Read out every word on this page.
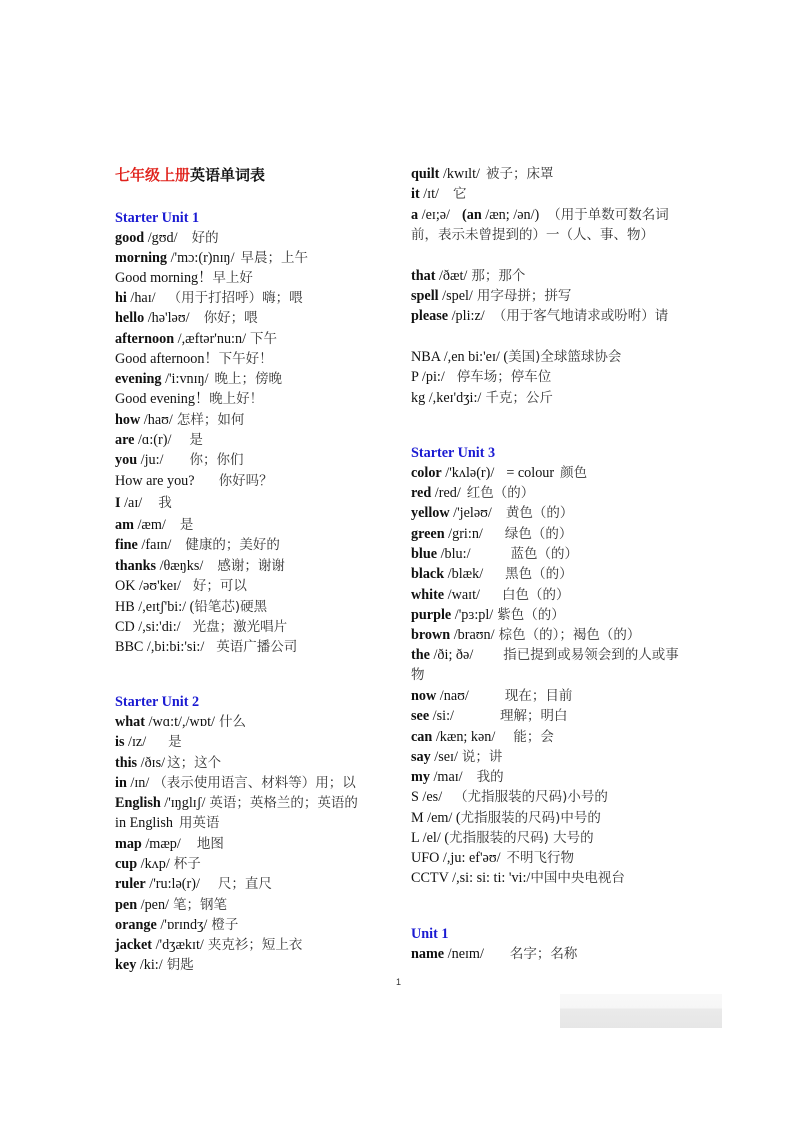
七年级上册英语单词表
Starter Unit 1
good /gʊd/ 好的
morning /'mɔ:(r)nɪŋ/ 早晨；上午
Good morning！早上好
hi /haɪ/ （用于打招呼）嗨；喂
hello /hə'ləʊ/ 你好；喂
afternoon /,æftər'nu:n/ 下午
Good afternoon！下午好！
evening /'i:vnɪŋ/ 晚上；傍晚
Good evening！晚上好！
how /haʊ/ 怎样；如何
are /ɑ:(r)/ 是
you /ju:/ 你；你们
How are you? 你好吗？
I /aɪ/ 我
am /æm/ 是
fine /faɪn/ 健康的；美好的
thanks /θæŋks/ 感谢；谢谢
OK /əʊ'keɪ/ 好；可以
HB /,eɪtʃ'bi:/ (铅笔芯)硬黑
CD /,si:'di:/ 光盘；激光唱片
BBC /,bi:bi:'si:/ 英语广播公司
Starter Unit 2
what /wɑ:t/,/wɒt/ 什么
is /ɪz/ 是
this /ðɪs/ 这；这个
in /ɪn/ （表示使用语言、材料等）用；以
English /'ɪŋglɪʃ/ 英语；英格兰的；英语的
in English 用英语
map /mæp/ 地图
cup /kʌp/ 杯子
ruler /'ru:lə(r)/ 尺；直尺
pen /pen/ 笔；钢笔
orange /'ɒrɪndʒ/ 橙子
jacket /'dʒækɪt/ 夹克衫；短上衣
key /ki:/ 钥匙
quilt /kwɪlt/ 被子；床罩
it /ɪt/ 它
a /eɪ;ə/ (an /æn; /ən/) （用于单数可数名词前，表示未曾提到的）一（人、事、物）
that /ðæt/ 那；那个
spell /spel/ 用字母拼；拼写
please /pli:z/ （用于客气地请求或吩咐）请
NBA /,en bi:'eɪ/ (美国)全球篮球协会
P /pi:/ 停车场；停车位
kg /,keɪ'dʒi:/ 千克；公斤
Starter Unit 3
color /'kʌlə(r)/ = colour 颜色
red /red/ 红色（的）
yellow /'jeləʊ/ 黄色（的）
green /gri:n/ 绿色（的）
blue /blu:/	蓝色（的）
black /blæk/ 黑色（的）
white /waɪt/ 白色（的）
purple /'pɜ:pl/ 紫色（的）
brown /braʊn/ 棕色（的）；褐色（的）
the /ði; ðə/ 指已提到或易领会到的人或事物
now /naʊ/	现在；目前
see /si:/	理解；明白
can /kæn; kən/ 能；会
say /seɪ/ 说；讲
my /maɪ/ 我的
S /es/ （尤指服装的尺码)小号的
M /em/ (尤指服装的尺码)中号的
L /el/ (尤指服装的尺码) 大号的
UFO /,ju: ef'əʊ/ 不明飞行物
CCTV /,si: si: ti: 'vi:/中国中央电视台
Unit 1
name /neɪm/ 名字；名称
1
